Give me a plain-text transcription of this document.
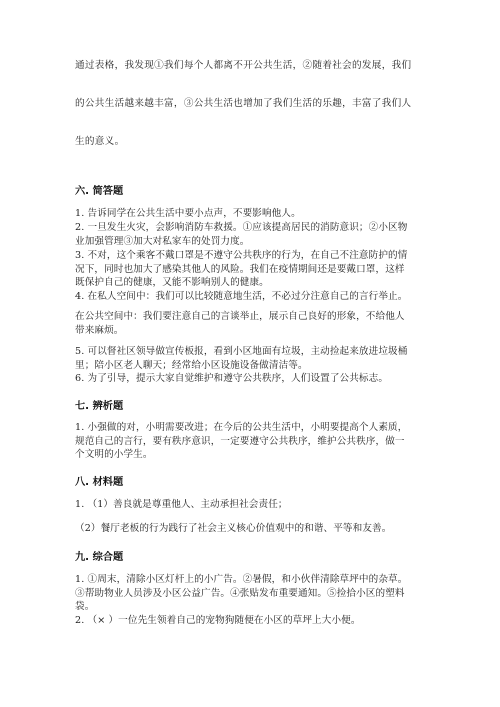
通过表格，我发现①我们每个人都离不开公共生活，②随着社会的发展，我们
的公共生活越来越丰富，③公共生活也增加了我们生活的乐趣，丰富了我们人
生的意义。
六. 简答题
1. 告诉同学在公共生活中要小点声，不要影响他人。
2. 一旦发生火灾，会影响消防车救援。①应该提高居民的消防意识；②小区物
业加强管理③加大对私家车的处罚力度。
3. 不对，这个乘客不戴口罩是不遵守公共秩序的行为，在自己不注意防护的情
况下，同时也加大了感染其他人的风险。我们在疫情期间还是要戴口罩，这样
既保护自己的健康，又能不影响别人的健康。
4. 在私人空间中：我们可以比较随意地生活，不必过分注意自己的言行举止。
在公共空间中：我们要注意自己的言谈举止，展示自己良好的形象，不给他人
带来麻烦。
5. 可以督社区领导做宣传板报，看到小区地面有垃圾，主动捡起来放进垃圾桶
里；陪小区老人聊天；经常给小区设施设备做清洁等。
6. 为了引导，提示大家自觉维护和遵守公共秩序，人们设置了公共标志。
七. 辨析题
1. 小强做的对，小明需要改进；在今后的公共生活中，小明要提高个人素质，
规范自己的言行，要有秩序意识，一定要遵守公共秩序，维护公共秩序，做一
个文明的小学生。
八. 材料题
1. （1）善良就是尊重他人、主动承担社会责任；
（2）餐厅老板的行为践行了社会主义核心价值观中的和谐、平等和友善。
九. 综合题
1. ①周末，清除小区灯杆上的小广告。②暑假，和小伙伴清除草坪中的杂草。
③帮助物业人员涉及小区公益广告。④张贴发布重要通知。⑤捡拾小区的塑料
袋。
2. （× ）一位先生领着自己的宠物狗随便在小区的草坪上大小便。
